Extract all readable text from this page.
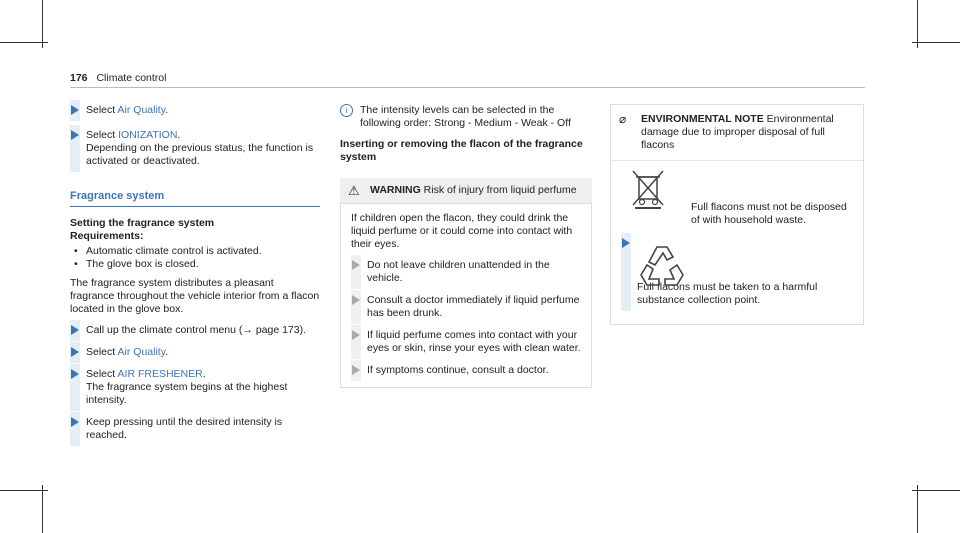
176 Climate control
Select Air Quality.
Select IONIZATION.
Depending on the previous status, the function is activated or deactivated.
Fragrance system
Setting the fragrance system
Requirements:
• Automatic climate control is activated.
• The glove box is closed.

The fragrance system distributes a pleasant fragrance throughout the vehicle interior from a flacon located in the glove box.

Call up the climate control menu (→ page 173).
Select Air Quality.
Select AIR FRESHENER.
The fragrance system begins at the highest intensity.
Keep pressing until the desired intensity is reached.
i	The intensity levels can be selected in the following order: Strong - Medium - Weak - Off
Inserting or removing the flacon of the fragrance system
⚠ WARNING Risk of injury from liquid perfume

If children open the flacon, they could drink the liquid perfume or it could come into contact with their eyes.

Do not leave children unattended in the vehicle.
Consult a doctor immediately if liquid perfume has been drunk.
If liquid perfume comes into contact with your eyes or skin, rinse your eyes with clean water.
If symptoms continue, consult a doctor.
⌀ ENVIRONMENTAL NOTE Environmental damage due to improper disposal of full flacons
Full flacons must not be disposed of with household waste.
Full flacons must be taken to a harmful substance collection point.
